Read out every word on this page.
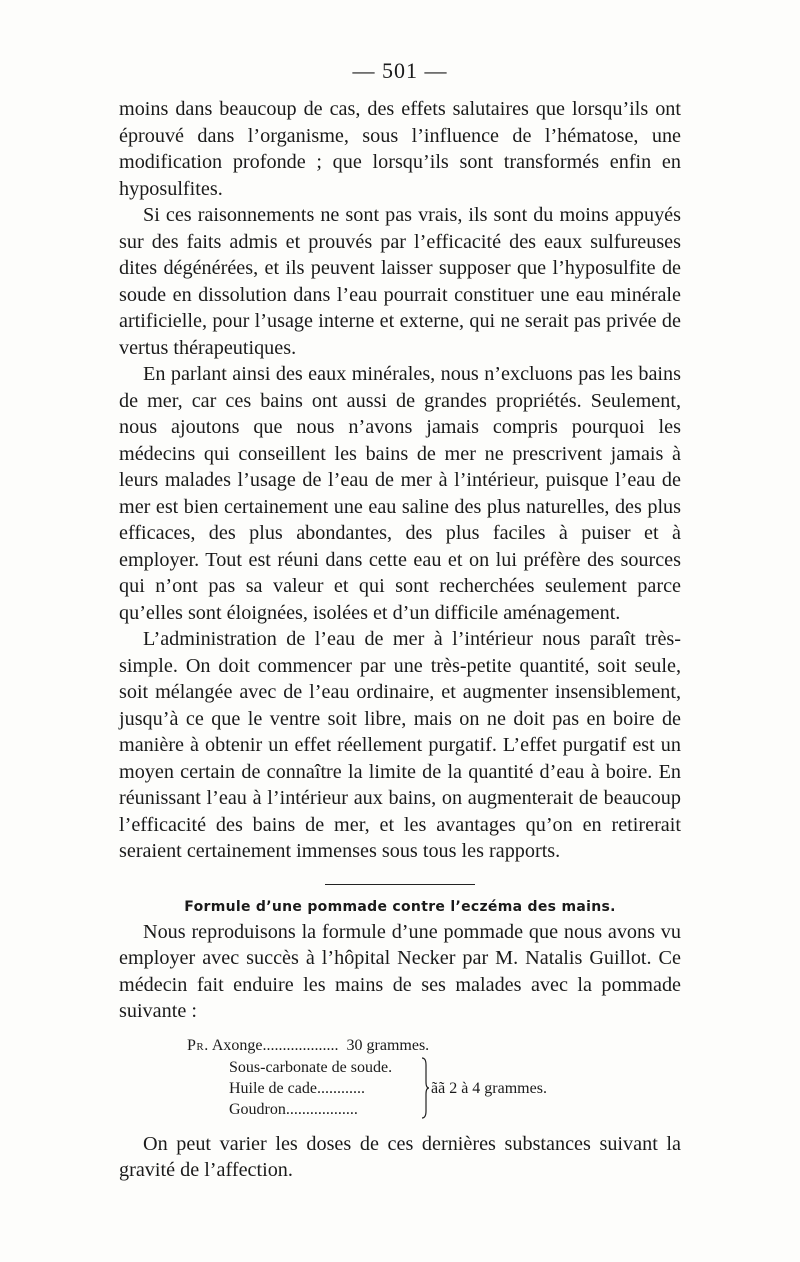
— 501 —

moins dans beaucoup de cas, des effets salutaires que lorsqu’ils ont éprouvé dans l’organisme, sous l’influence de l’hématose, une modification profonde ; que lorsqu’ils sont transformés enfin en hyposulfites.

Si ces raisonnements ne sont pas vrais, ils sont du moins appuyés sur des faits admis et prouvés par l’efficacité des eaux sulfureuses dites dégénérées, et ils peuvent laisser supposer que l’hyposulfite de soude en dissolution dans l’eau pourrait constituer une eau minérale artificielle, pour l’usage interne et externe, qui ne serait pas privée de vertus thérapeutiques.

En parlant ainsi des eaux minérales, nous n’excluons pas les bains de mer, car ces bains ont aussi de grandes propriétés. Seulement, nous ajoutons que nous n’avons jamais compris pourquoi les médecins qui conseillent les bains de mer ne prescrivent jamais à leurs malades l’usage de l’eau de mer à l’intérieur, puisque l’eau de mer est bien certainement une eau saline des plus naturelles, des plus efficaces, des plus abondantes, des plus faciles à puiser et à employer. Tout est réuni dans cette eau et on lui préfère des sources qui n’ont pas sa valeur et qui sont recherchées seulement parce qu’elles sont éloignées, isolées et d’un difficile aménagement.

L’administration de l’eau de mer à l’intérieur nous paraît très-simple. On doit commencer par une très-petite quantité, soit seule, soit mélangée avec de l’eau ordinaire, et augmenter insensiblement, jusqu’à ce que le ventre soit libre, mais on ne doit pas en boire de manière à obtenir un effet réellement purgatif. L’effet purgatif est un moyen certain de connaître la limite de la quantité d’eau à boire. En réunissant l’eau à l’intérieur aux bains, on augmenterait de beaucoup l’efficacité des bains de mer, et les avantages qu’on en retirerait seraient certainement immenses sous tous les rapports.

Formule d’une pommade contre l’eczéma des mains.

Nous reproduisons la formule d’une pommade que nous avons vu employer avec succès à l’hôpital Necker par M. Natalis Guillot. Ce médecin fait enduire les mains de ses malades avec la pommade suivante :

Pr. Axonge................... 30 grammes.
Sous-carbonate de soude.
Huile de cade............
Goudron..................
ãã 2 à 4 grammes.

On peut varier les doses de ces dernières substances suivant la gravité de l’affection.
